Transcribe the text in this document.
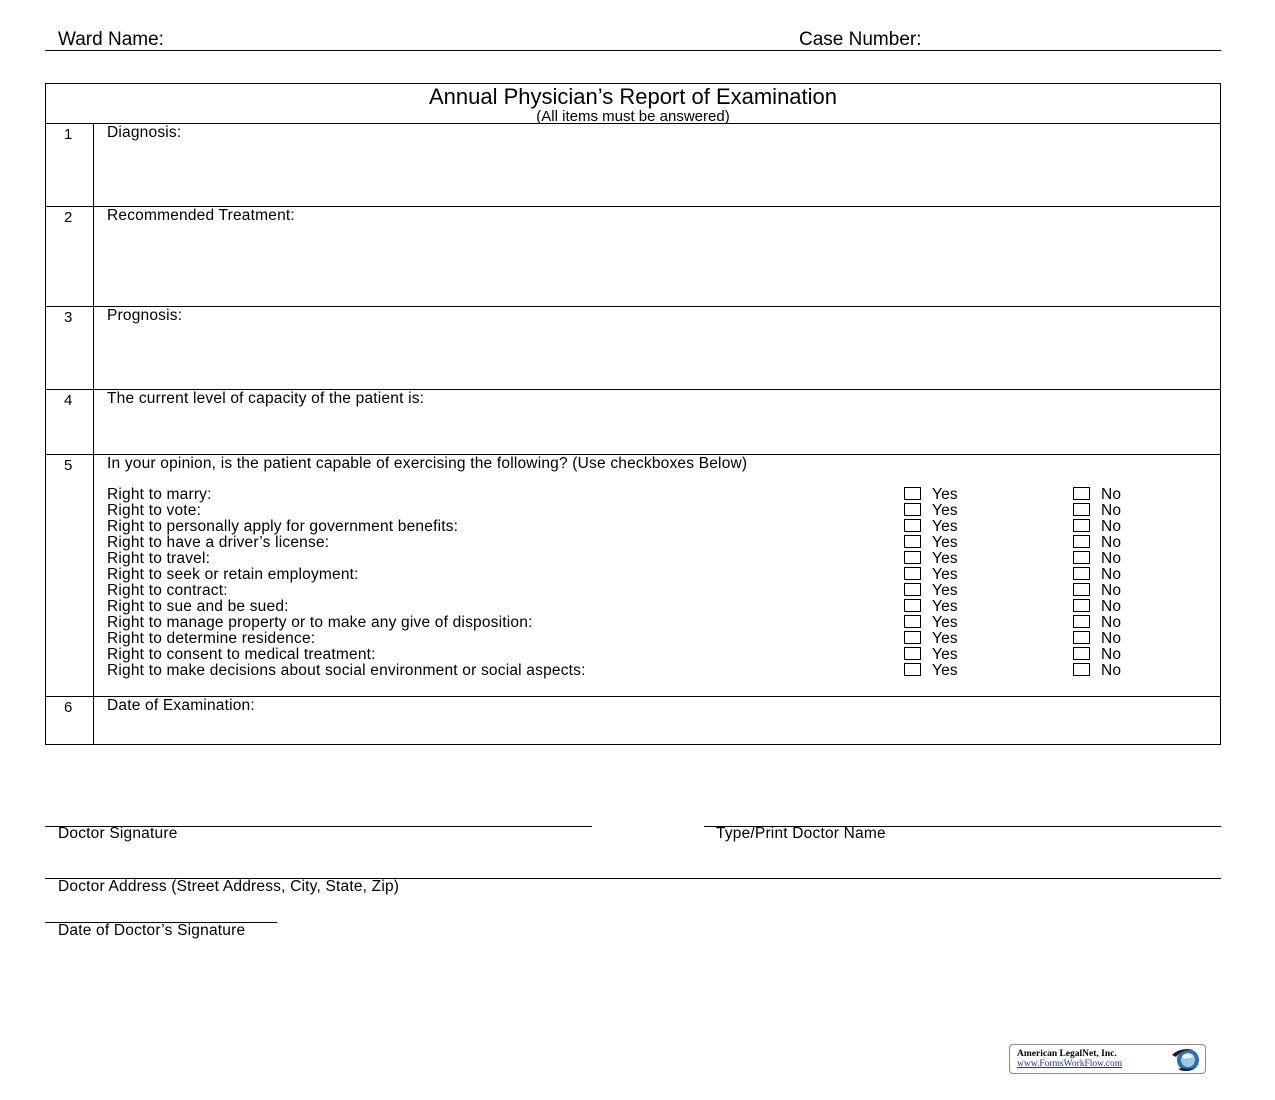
Ward Name:	Case Number:
Annual Physician’s Report of Examination
(All items must be answered)
1 Diagnosis:
2 Recommended Treatment:
3 Prognosis:
4 The current level of capacity of the patient is:
5 In your opinion, is the patient capable of exercising the following? (Use checkboxes Below)
Right to marry:	Yes	No
Right to vote:	Yes	No
Right to personally apply for government benefits:	Yes	No
Right to have a driver’s license:	Yes	No
Right to travel:	Yes	No
Right to seek or retain employment:	Yes	No
Right to contract:	Yes	No
Right to sue and be sued:	Yes	No
Right to manage property or to make any give of disposition:	Yes	No
Right to determine residence:	Yes	No
Right to consent to medical treatment:	Yes	No
Right to make decisions about social environment or social aspects:	Yes	No
6 Date of Examination:
Doctor Signature	Type/Print Doctor Name
Doctor Address (Street Address, City, State, Zip)
Date of Doctor’s Signature
American LegalNet, Inc.
www.FormsWorkFlow.com
